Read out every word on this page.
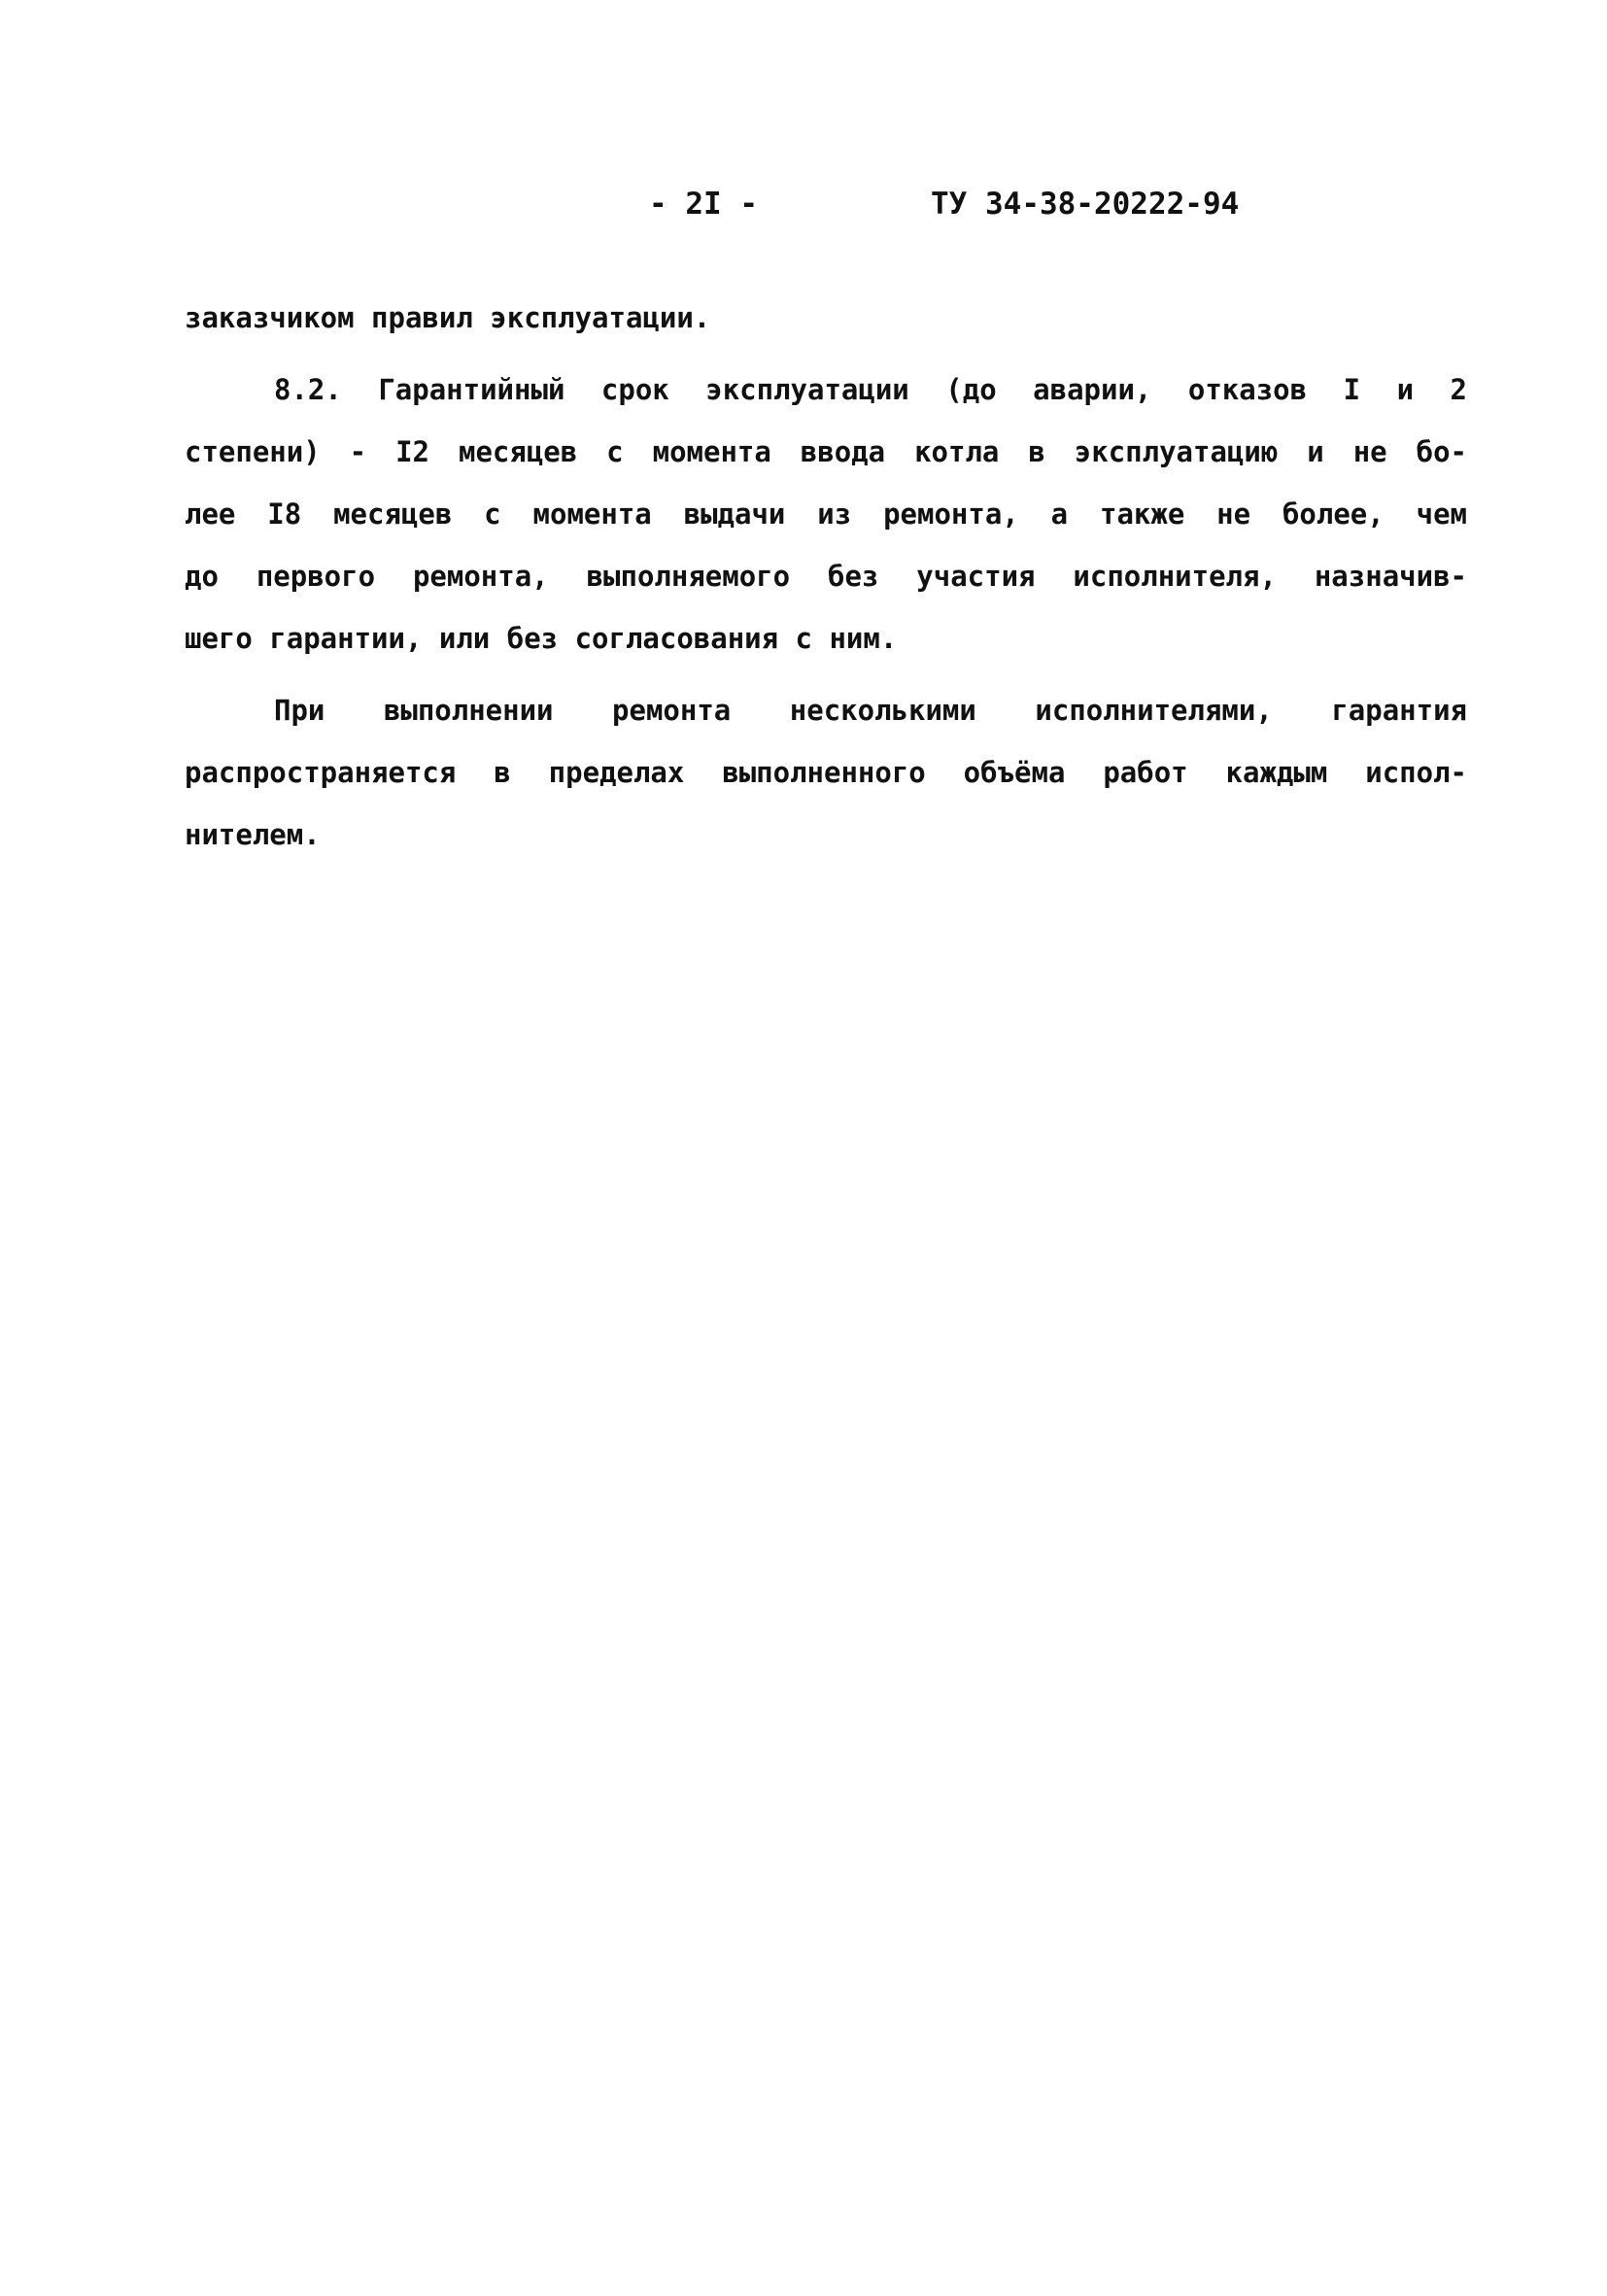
- 2I -	ТУ 34-38-20222-94
заказчиком правил эксплуатации.
8.2. Гарантийный срок эксплуатации (до аварии, отказов I и 2
степени) - I2 месяцев с момента ввода котла в эксплуатацию и не бо-
лее I8 месяцев с момента выдачи из ремонта, а также не более, чем
до первого ремонта, выполняемого без участия исполнителя, назначив-
шего гарантии, или без согласования с ним.
При выполнении ремонта несколькими исполнителями, гарантия
распространяется в пределах выполненного объёма работ каждым испол-
нителем.
